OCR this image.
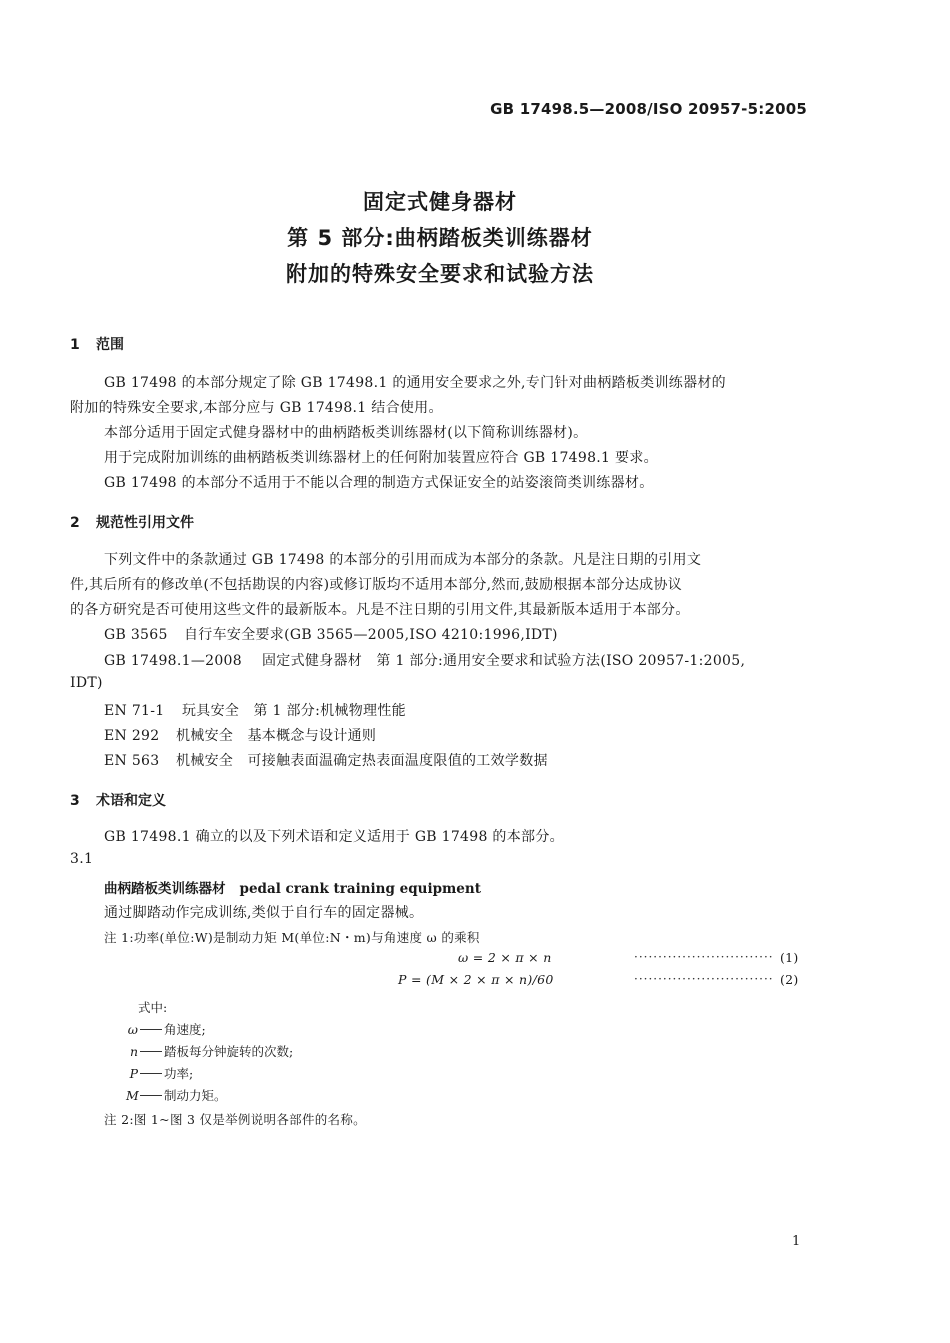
GB 17498.5—2008/ISO 20957-5:2005
固定式健身器材
第 5 部分:曲柄踏板类训练器材
附加的特殊安全要求和试验方法
1 范围
GB 17498 的本部分规定了除 GB 17498.1 的通用安全要求之外,专门针对曲柄踏板类训练器材的
附加的特殊安全要求,本部分应与 GB 17498.1 结合使用。
本部分适用于固定式健身器材中的曲柄踏板类训练器材(以下简称训练器材)。
用于完成附加训练的曲柄踏板类训练器材上的任何附加装置应符合 GB 17498.1 要求。
GB 17498 的本部分不适用于不能以合理的制造方式保证安全的站姿滚筒类训练器材。
2 规范性引用文件
下列文件中的条款通过 GB 17498 的本部分的引用而成为本部分的条款。凡是注日期的引用文
件,其后所有的修改单(不包括勘误的内容)或修订版均不适用本部分,然而,鼓励根据本部分达成协议
的各方研究是否可使用这些文件的最新版本。凡是不注日期的引用文件,其最新版本适用于本部分。
GB 3565 自行车安全要求(GB 3565—2005,ISO 4210:1996,IDT)
GB 17498.1—2008 固定式健身器材　第 1 部分:通用安全要求和试验方法(ISO 20957-1:2005,
IDT)
EN 71-1 玩具安全　第 1 部分:机械物理性能
EN 292 机械安全　基本概念与设计通则
EN 563 机械安全　可接触表面温确定热表面温度限值的工效学数据
3 术语和定义
GB 17498.1 确立的以及下列术语和定义适用于 GB 17498 的本部分。
3.1
曲柄踏板类训练器材 pedal crank training equipment
通过脚踏动作完成训练,类似于自行车的固定器械。
注 1:功率(单位:W)是制动力矩 M(单位:N・m)与角速度 ω 的乘积
ω = 2 × π × n	····························· (1)
P = (M × 2 × π × n)/60	····························· (2)
式中:
ω 角速度;
n 踏板每分钟旋转的次数;
P 功率;
M 制动力矩。
注 2:图 1~图 3 仅是举例说明各部件的名称。
1
